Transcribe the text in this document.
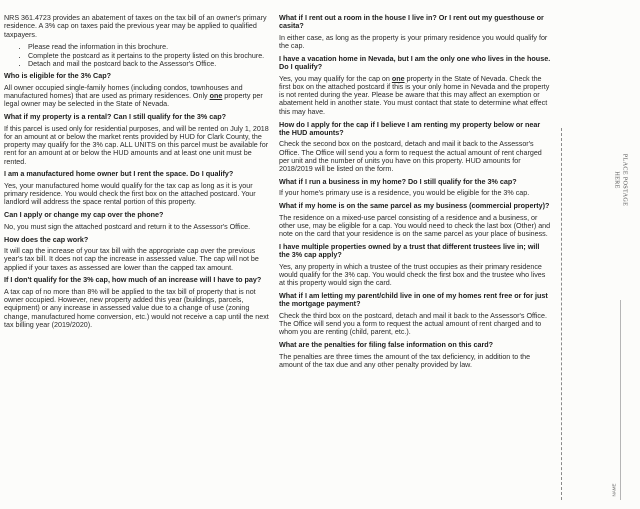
NRS 361.4723 provides an abatement of taxes on the tax bill of an owner's primary residence. A 3% cap on taxes paid the previous year may be applied to qualified taxpayers.

• Please read the information in this brochure.
• Complete the postcard as it pertains to the property listed on this brochure.
• Detach and mail the postcard back to the Assessor's Office.
Who is eligible for the 3% Cap?

All owner occupied single-family homes (including condos, townhouses and manufactured homes) that are used as primary residences. Only one property per legal owner may be selected in the State of Nevada.

What if my property is a rental? Can I still qualify for the 3% cap?

If this parcel is used only for residential purposes, and will be rented on July 1, 2018 for an amount at or below the market rents provided by HUD for Clark County, the property may qualify for the 3% cap. ALL UNITS on this parcel must be available for rent for an amount at or below the HUD amounts and at least one unit must be rented.

I am a manufactured home owner but I rent the space. Do I qualify?

Yes, your manufactured home would qualify for the tax cap as long as it is your primary residence. You would check the first box on the attached postcard. Your landlord will address the space rental portion of this property.

Can I apply or change my cap over the phone?

No, you must sign the attached postcard and return it to the Assessor's Office.

How does the cap work?

It will cap the increase of your tax bill with the appropriate cap over the previous year's tax bill. It does not cap the increase in assessed value. The cap will not be applied if your taxes as assessed are lower than the capped tax amount.

If I don't qualify for the 3% cap, how much of an increase will I have to pay?

A tax cap of no more than 8% will be applied to the tax bill of property that is not owner occupied. However, new property added this year (buildings, parcels, equipment) or any increase in assessed value due to a change of use (zoning change, manufactured home conversion, etc.) would not receive a cap until the next tax billing year (2019/2020).

What if I rent out a room in the house I live in? Or I rent out my guesthouse or casita?

In either case, as long as the property is your primary residence you would qualify for the cap.

I have a vacation home in Nevada, but I am the only one who lives in the house. Do I qualify?

Yes, you may qualify for the cap on one property in the State of Nevada. Check the first box on the attached postcard if this is your only home in Nevada and the property is not rented during the year. Please be aware that this may affect an exemption or abatement held in another state. You must contact that state to determine what effect this may have.

How do I apply for the cap if I believe I am renting my property below or near the HUD amounts?

Check the second box on the postcard, detach and mail it back to the Assessor's Office. The Office will send you a form to request the actual amount of rent charged per unit and the number of units you have on this property. HUD amounts for 2018/2019 will be listed on the form.

What if I run a business in my home? Do I still qualify for the 3% cap?

If your home's primary use is a residence, you would be eligible for the 3% cap.

What if my home is on the same parcel as my business (commercial property)?

The residence on a mixed-use parcel consisting of a residence and a business, or other use, may be eligible for a cap. You would need to check the last box (Other) and note on the card that your residence is on the same parcel as your place of business.

I have multiple properties owned by a trust that different trustees live in; will the 3% cap apply?

Yes, any property in which a trustee of the trust occupies as their primary residence would qualify for the 3% cap. You would check the first box and the trustee who lives at this property would sign the card.

What if I am letting my parent/child live in one of my homes rent free or for just the mortgage payment?

Check the third box on the postcard, detach and mail it back to the Assessor's Office. The Office will send you a form to request the actual amount of rent charged and to whom you are renting (child, parent, etc.).

What are the penalties for filing false information on this card?

The penalties are three times the amount of the tax deficiency, in addition to the amount of the tax due and any other penalty provided by law.

PLACE POSTAGE
HERE
NAME
